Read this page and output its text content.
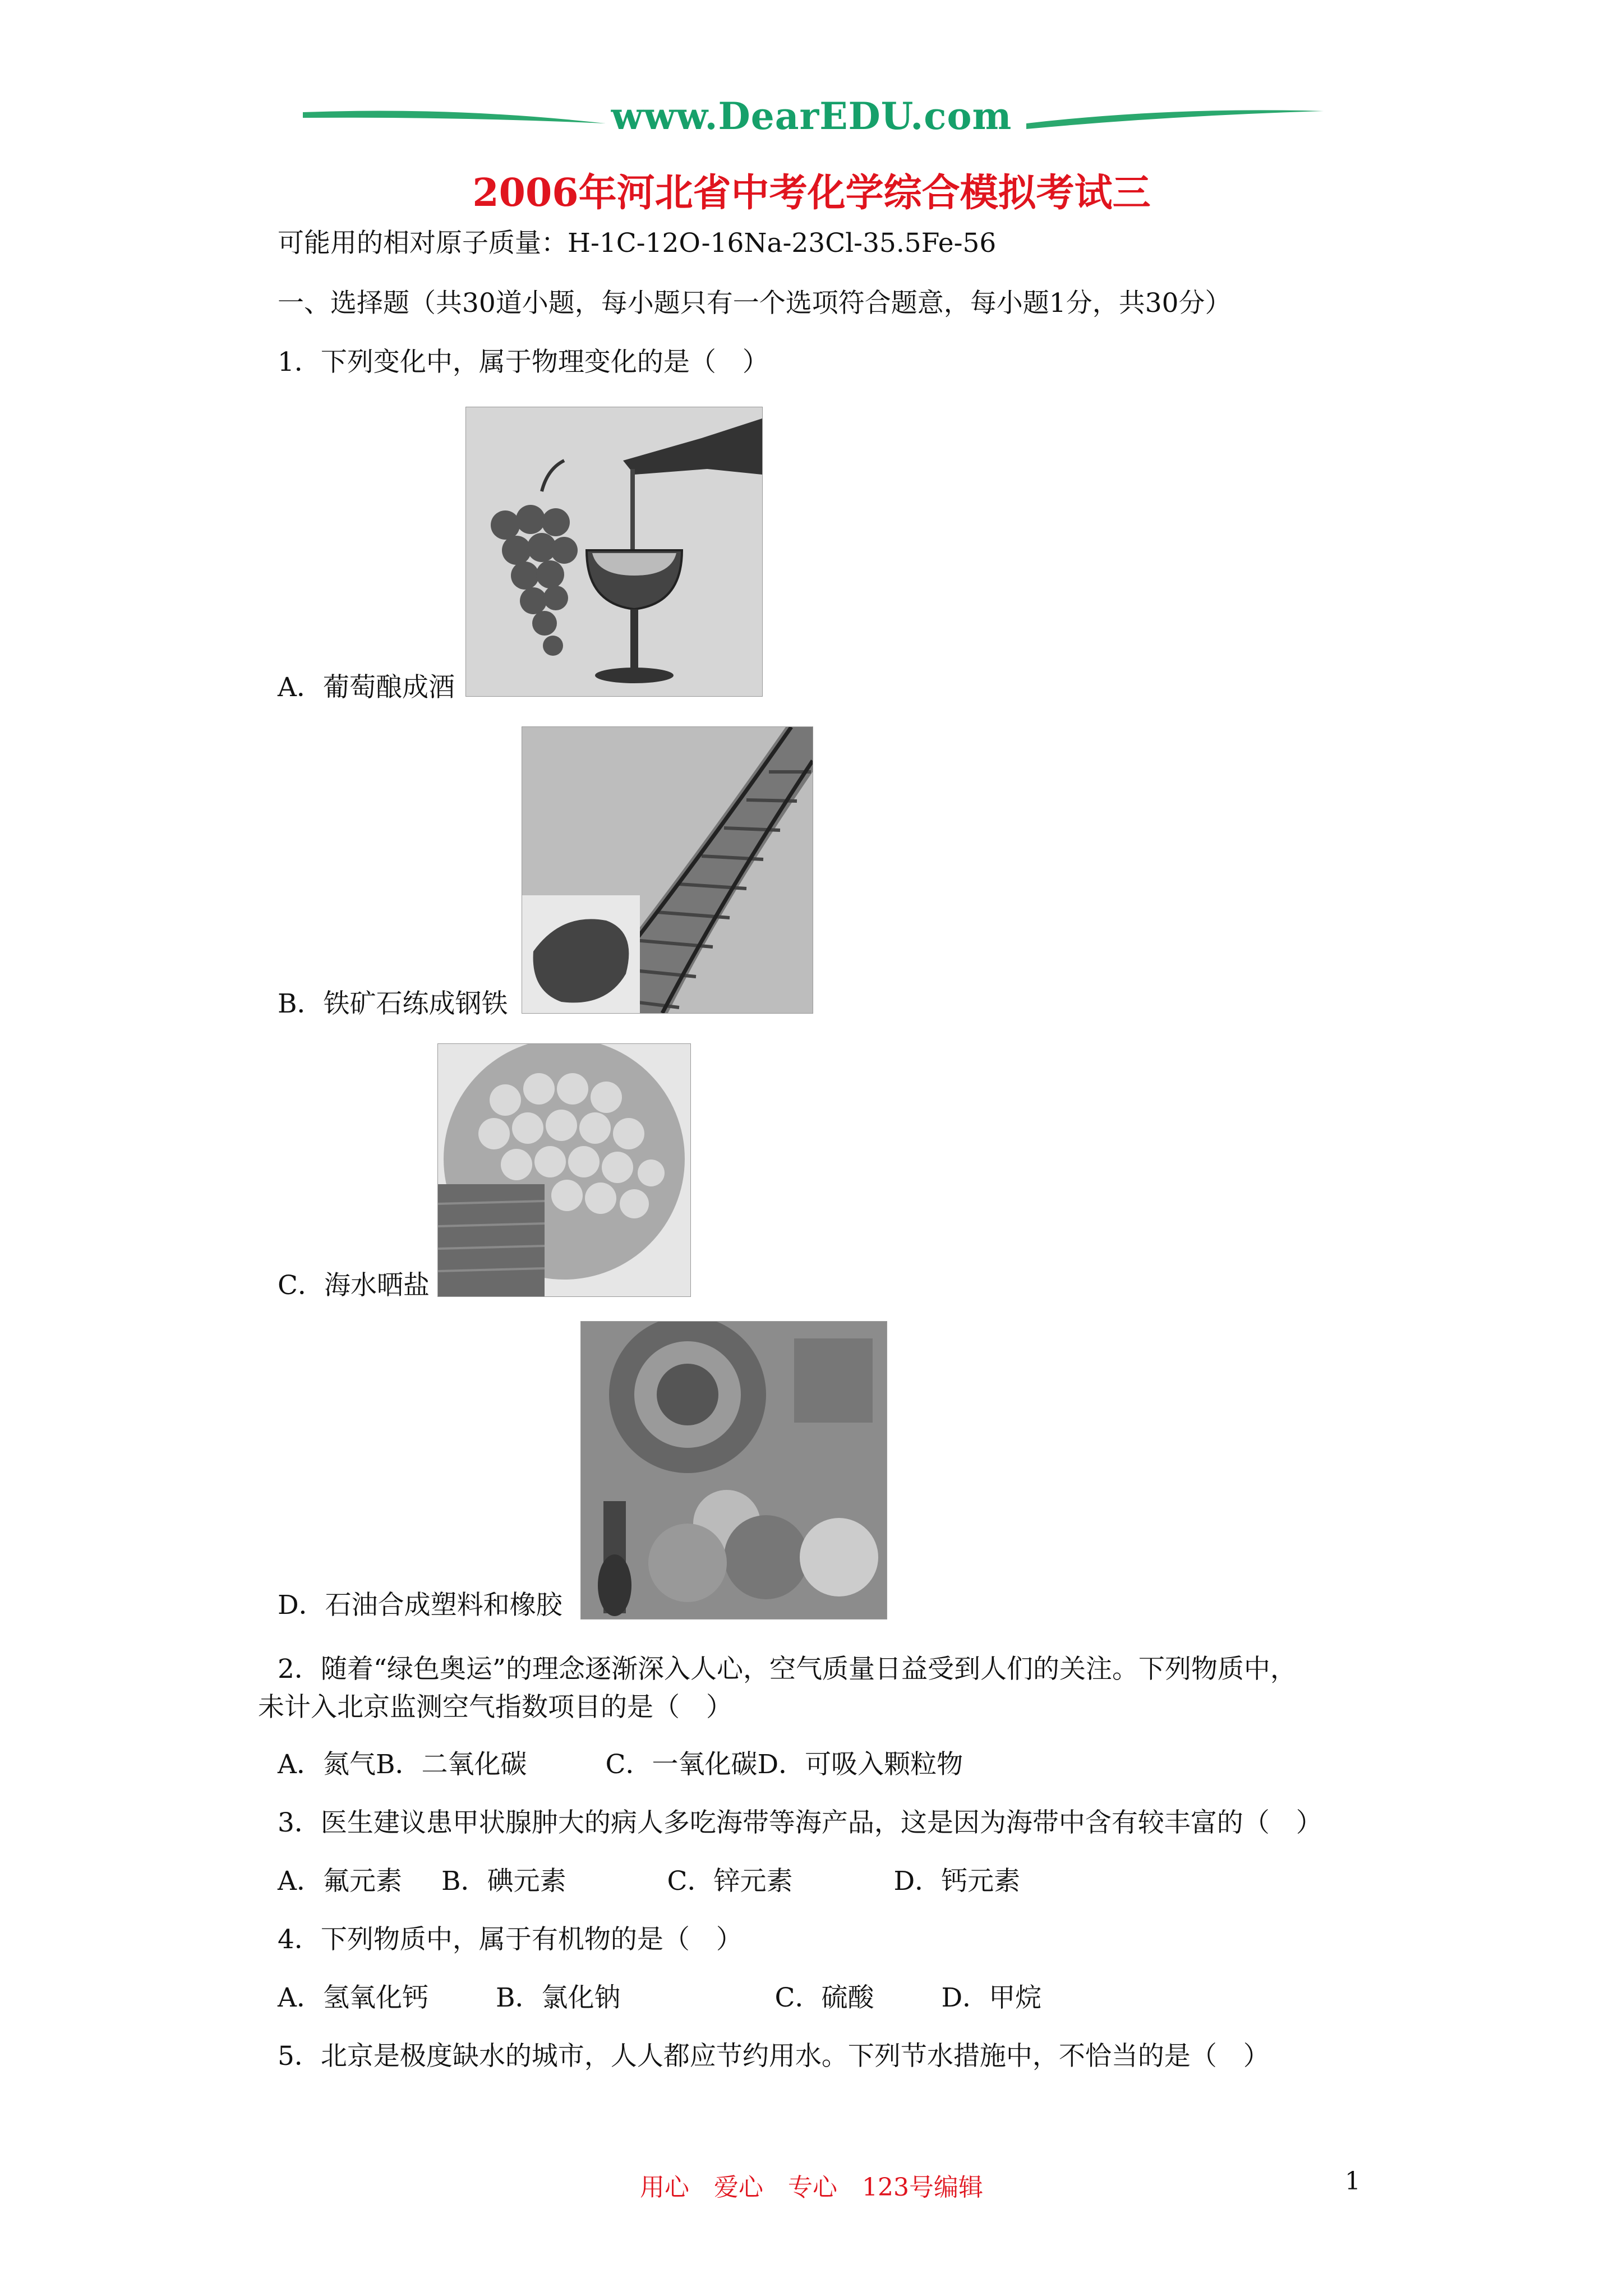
www.DearEDU.com
2006年河北省中考化学综合模拟考试三
可能用的相对原子质量：H-1C-12O-16Na-23Cl-35.5Fe-56
一、选择题（共30道小题，每小题只有一个选项符合题意，每小题1分，共30分）
1．下列变化中，属于物理变化的是（　）
A．葡萄酿成酒
B．铁矿石练成钢铁
C．海水晒盐
D．石油合成塑料和橡胶
2．随着“绿色奥运”的理念逐渐深入人心，空气质量日益受到人们的关注。下列物质中，
未计入北京监测空气指数项目的是（　）
A．氮气B．二氧化碳	C．一氧化碳D．可吸入颗粒物
3．医生建议患甲状腺肿大的病人多吃海带等海产品，这是因为海带中含有较丰富的（　）
A．氟元素 B．碘元素	C．锌元素	D．钙元素
4．下列物质中，属于有机物的是（　）
A．氢氧化钙	B．氯化钠	C．硫酸	D．甲烷
5．北京是极度缺水的城市，人人都应节约用水。下列节水措施中，不恰当的是（　）
用心　爱心　专心　123号编辑	1
